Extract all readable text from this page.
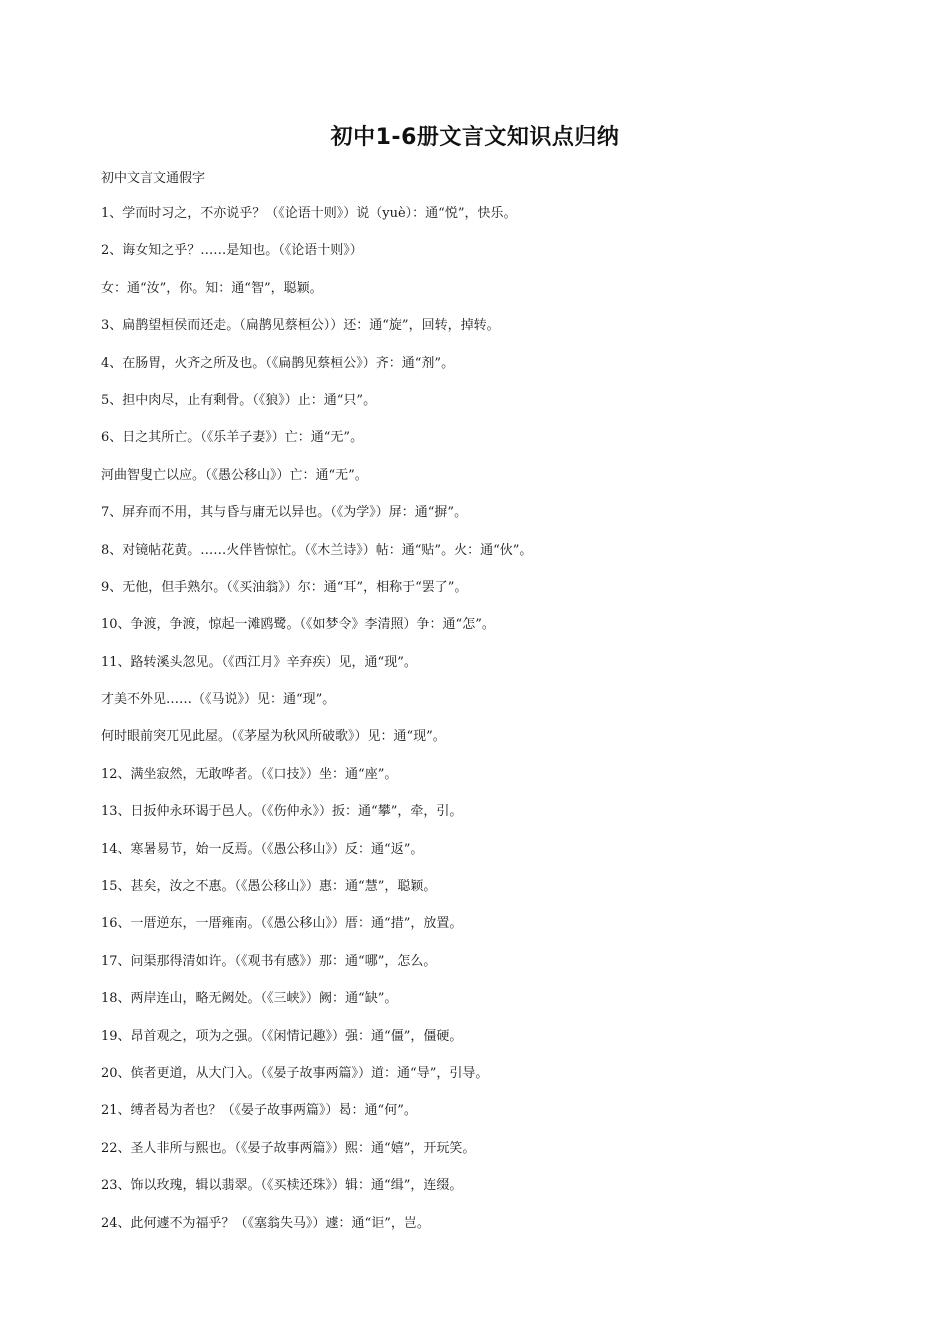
初中1-6册文言文知识点归纳
初中文言文通假字
1、学而时习之，不亦说乎？（《论语十则》）说（yuè）：通“悦”，快乐。
2、诲女知之乎？……是知也。（《论语十则》）
女：通“汝”，你。知：通“智”，聪颖。
3、扁鹊望桓侯而还走。（扁鹊见蔡桓公））还：通“旋”，回转，掉转。
4、在肠胃，火齐之所及也。（《扁鹊见蔡桓公》）齐：通“剂”。
5、担中肉尽，止有剩骨。（《狼》）止：通“只”。
6、日之其所亡。（《乐羊子妻》）亡：通“无”。
河曲智叟亡以应。（《愚公移山》）亡：通“无”。
7、屏弃而不用，其与昏与庸无以异也。（《为学》）屏：通“摒”。
8、对镜帖花黄。……火伴皆惊忙。（《木兰诗》）帖：通“贴”。火：通“伙”。
9、无他，但手熟尔。（《买油翁》）尔：通“耳”，相称于“罢了”。
10、争渡，争渡，惊起一滩鸥鹭。（《如梦令》李清照）争：通“怎”。
11、路转溪头忽见。（《西江月》辛弃疾）见，通“现”。
才美不外见……（《马说》）见：通“现”。
何时眼前突兀见此屋。（《茅屋为秋风所破歌》）见：通“现”。
12、满坐寂然，无敢哗者。（《口技》）坐：通“座”。
13、日扳仲永环谒于邑人。（《伤仲永》）扳：通“攀”，牵，引。
14、寒暑易节，始一反焉。（《愚公移山》）反：通“返”。
15、甚矣，汝之不惠。（《愚公移山》）惠：通“慧”，聪颖。
16、一厝逆东，一厝雍南。（《愚公移山》）厝：通“措”，放置。
17、问渠那得清如许。（《观书有感》）那：通“哪”，怎么。
18、两岸连山，略无阙处。（《三峡》）阙：通“缺”。
19、昂首观之，项为之强。（《闲情记趣》）强：通“僵”，僵硬。
20、傧者更道，从大门入。（《晏子故事两篇》）道：通“导”，引导。
21、缚者曷为者也？（《晏子故事两篇》）曷：通“何”。
22、圣人非所与熙也。（《晏子故事两篇》）熙：通“嬉”，开玩笑。
23、饰以玫瑰，辑以翡翠。（《买椟还珠》）辑：通“缉”，连缀。
24、此何遽不为福乎？（《塞翁失马》）遽：通“讵”，岂。
